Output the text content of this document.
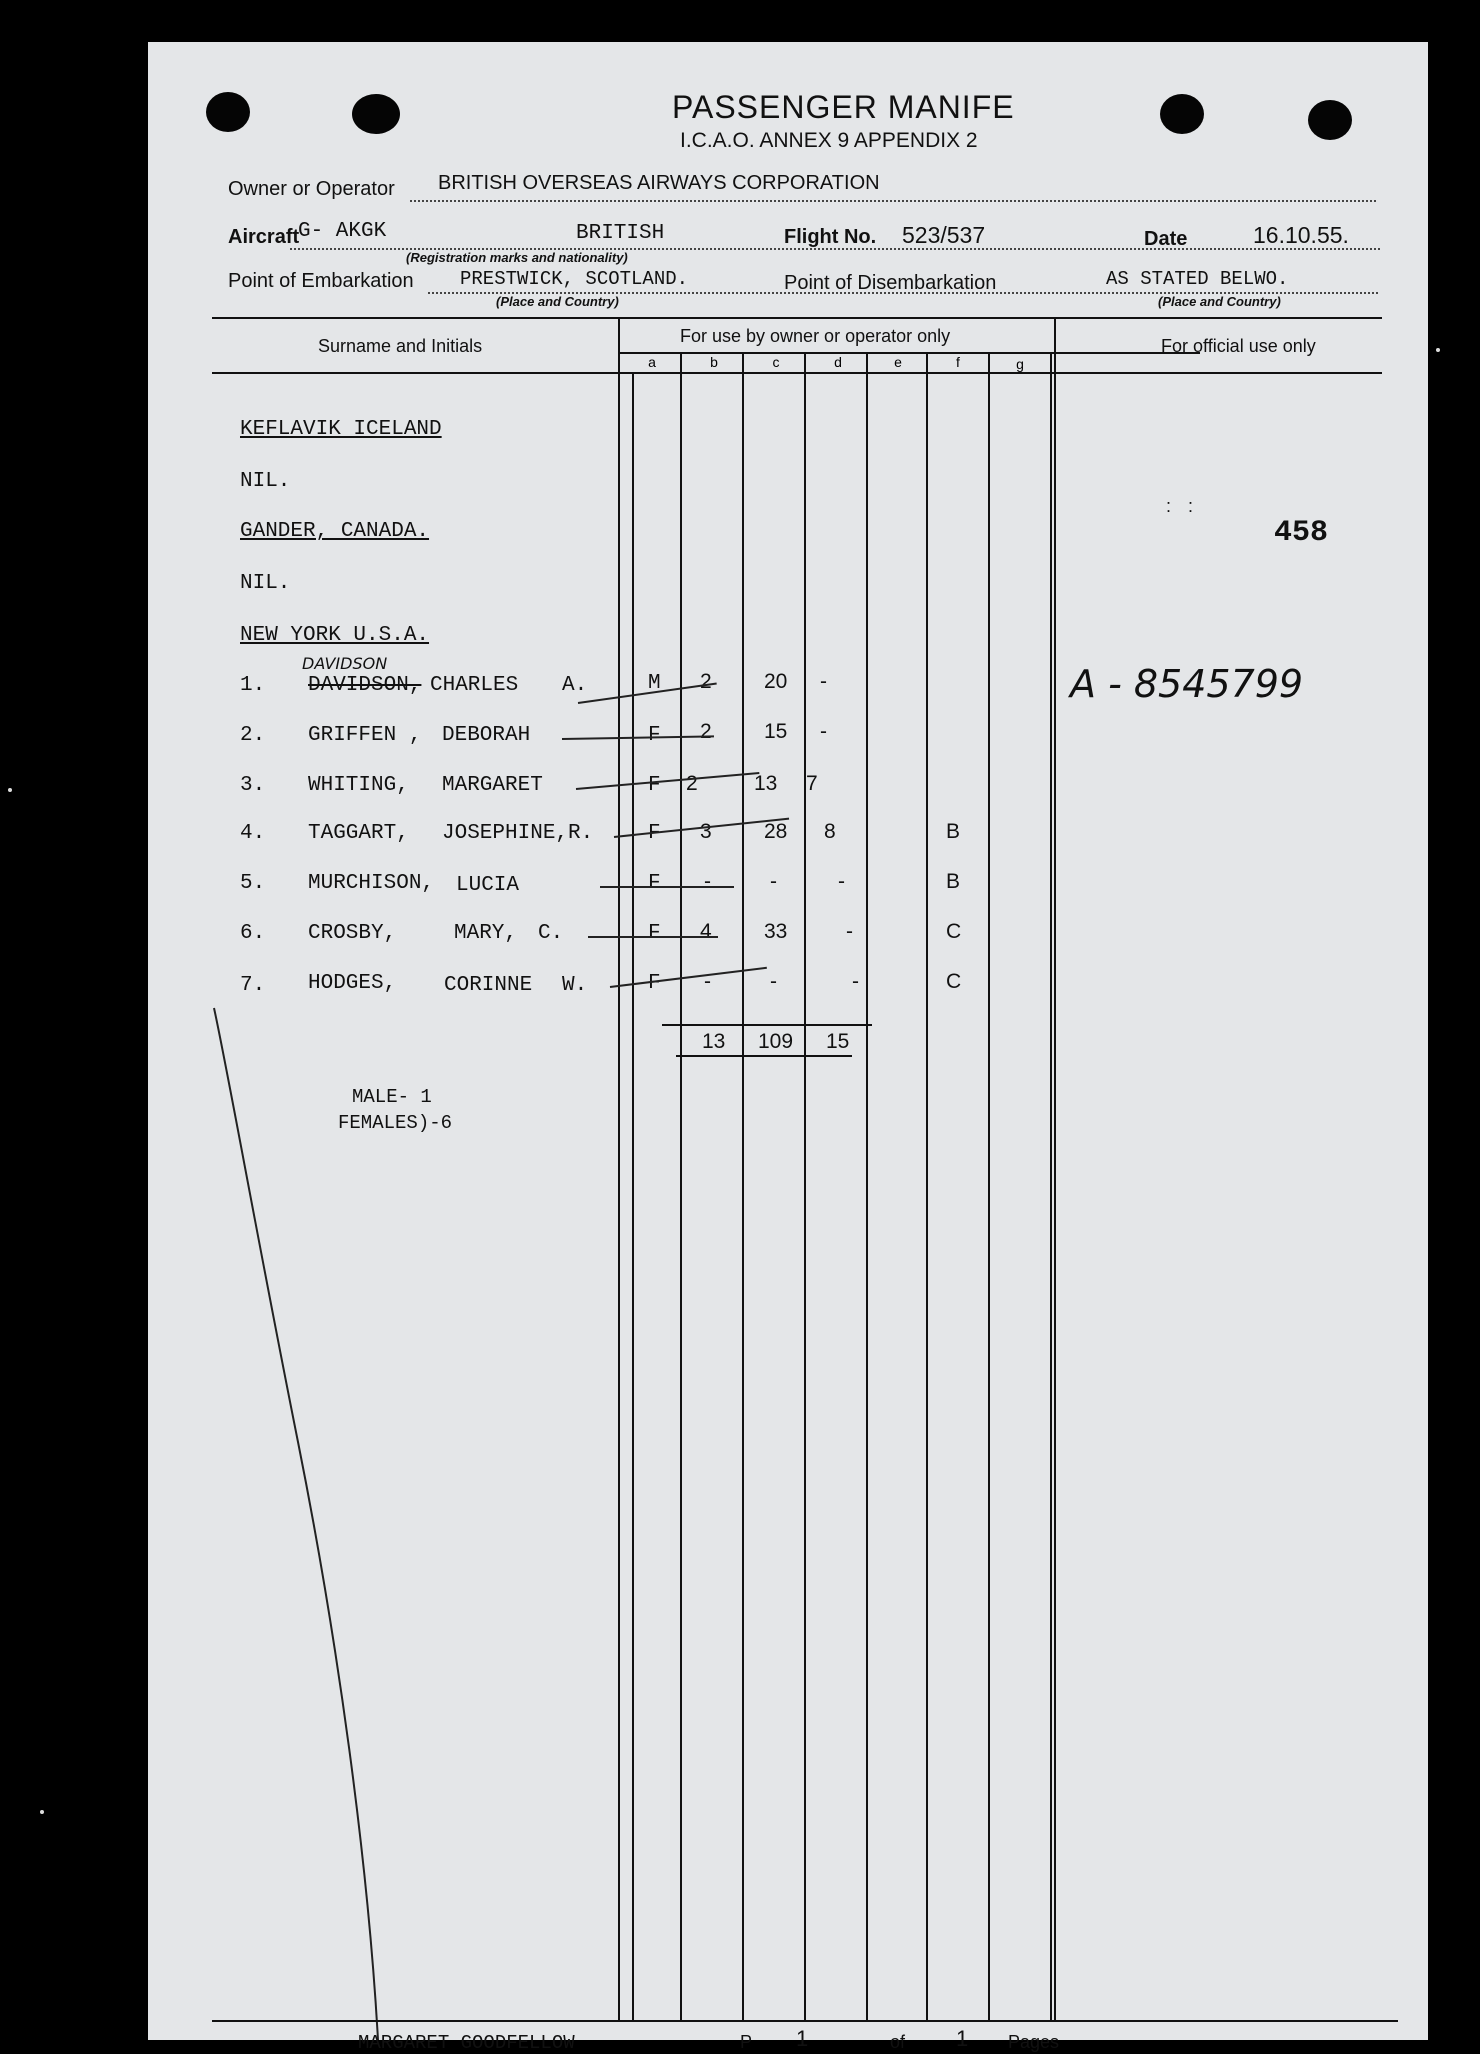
PASSENGER MANIFE
I.C.A.O. ANNEX 9 APPENDIX 2
Owner or Operator BRITISH OVERSEAS AIRWAYS CORPORATION
Aircraft
G- AKGK	BRITISH	Flight No. 523/537	Date	16.10.55.
(Registration marks and nationality)
Point of Embarkation PRESTWICK, SCOTLAND.	Point of Disembarkation	AS STATED BELWO.
(Place and Country)	(Place and Country)
Surname and Initials	For use by owner or operator only	For official use only
a	b	c	d	e	f	g
KEFLAVIK ICELAND
NIL.
GANDER, CANADA.
NIL.
NEW YORK U.S.A.
DAVIDSON
458
: :
A - 8545799
1. DAVIDSON, CHARLES A.	M 2 20 -
2. GRIFFEN , DEBORAH	F 2 15 -
3. WHITING, MARGARET	F 2	13 7
4. TAGGART, JOSEPHINE,R.	F 3 28 8	B
5. MURCHISON, LUCIA	F -	-	-	B
6. CROSBY,	MARY, C.	F 4 33	-	C
7. HODGES, CORINNE W.	F -	-	-	C
13 109 15
MALE- 1
FEMALES)-6
MARGARET GOODFELLOW	P 1	of 1 Pages
